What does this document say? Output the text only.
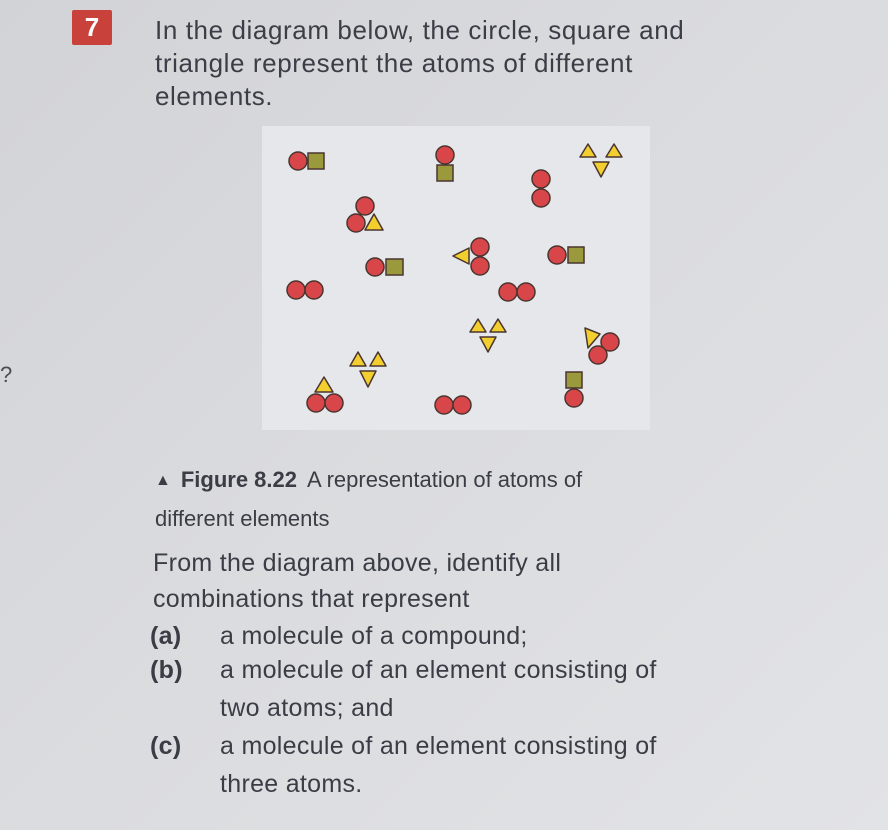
7	In the diagram below, the circle, square and
triangle represent the atoms of different
elements.
?
▲ Figure 8.22 A representation of atoms of
different elements
From the diagram above, identify all
combinations that represent
(a) a molecule of a compound;
(b) a molecule of an element consisting of
two atoms; and
(c) a molecule of an element consisting of
three atoms.
